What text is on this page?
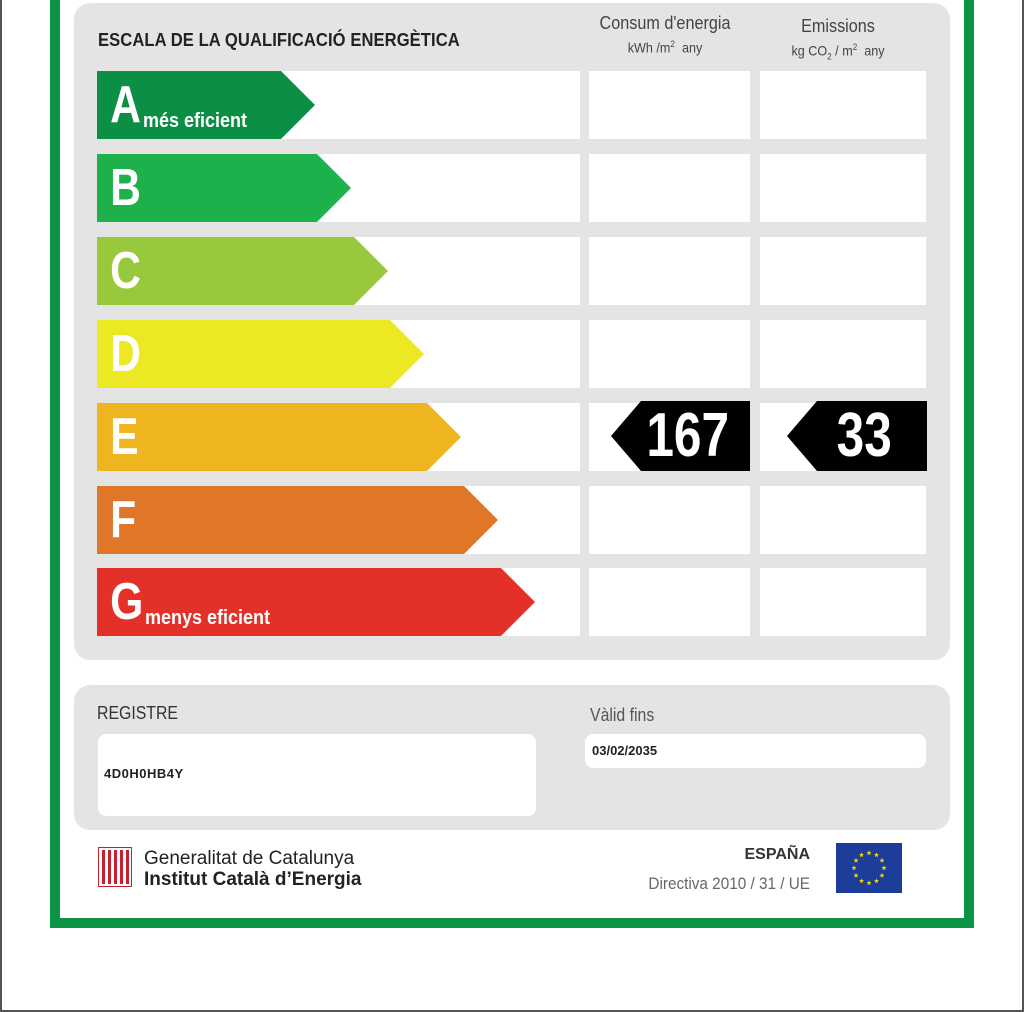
ESCALA DE LA QUALIFICACIÓ ENERGÈTICA
Consum d'energia
kWh $/m^2$ any
Emissions
kg $CO_2 / m^2$ any
A més eficient
B
C
D
E	167	33
F
G menys eficient
REGISTRE
4D0H0HB4Y
Vàlid fins
03/02/2035
Generalitat de Catalunya
Institut Català d’Energia
ESPAÑA
Directiva 2010 / 31 / UE
